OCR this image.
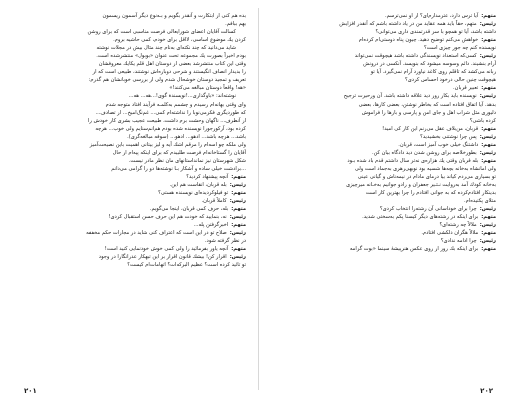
بده هم کنی از ابتکارت و آنقدر بگویم و بـه‌نوع دیگر آسمون ریسمون
بهم ببافم.
کسالت آقایان اعضای شورایعالی فرصت مناسبی است که برای روشن
کردن یك موضوع اساسی، لااقل برای خودم، کمی حاشیه بروم.
شاید می‌دانید که چند نکته‌ای به‌نام چند مثال بیش در مجلات نوشته
بودم اخیراً بصورت یك مجموعه تحت عنوان «بوبول» منتشرشده است.
وقتی این کتاب منتشرشد بعضی از دوستان اهل قلم یکایك معروفشان
را بدیدار انصاف انگیستند و شرحی دوباره‌اش نوشتند، طبیعی است که از
تعریف و تمجید دوستان خوشحال شدم ولی از بررسی خوبانشان هم گذرم:
«هه! واقعاً دوستان مبالغه می‌کنند!»
نوشته‌اند: «باوگذاری...!نویسندة گوی!...هه... هه...
وای وقتی بهانه‌ام رسیدم و چشمم به‌کلمـه فرآیند افتاد متوجه شدم
که طوردیگری فکرمی‌نوبا را نداشته‌ام کمی... غم‌نگ‌امیخ... از تصادف...
از آنطرف... ناگهان وحشت برم داشت، طبیعت عجیب بشری کار خودش را
کرده بود، آرکوزجورا نویسنده شده بودم هم‌انم‌سنایم ولی خوب... هرچه
باشد... هرچه باشد... ادهو... ادهو... (سوفه مبالغه‌گری).
ولی ملکه چو اسه‌ام را مرقم اشك آیه و لیز بیتانی اهمیت باین نصیحت‌آمیز
آقایان را گستاخانه‌ام فرصت طلبیدم که برای اینکه پیه‌ام از حال
شکل شهرستان نیز نمانداستانهای مان نظر مادر نیست.
...برادشت خیلی ساده و آشکار بـا نوشته‌ها دو را گرامی می‌دانم
متهم:آنچه پیشنهاد کردید؟
رئیس:بله قربان، انقاست هم این.
متهم:تو فیلوکردیده‌ای نویسنده هستی؟
رئیس:کاملاً قربان.
متهم:بله، حرف کمی قربان، اینجا می‌گویم.
رئیس:نه، بنمایید که خودت هم این حرف حسن استقبال کردی!
متهم:اخبرگرفتن پله...
رئیس:صلاح تو در این است که اعتراف کنی شاید در مجازات حکم مخففه
در نظر گرفته شود.
متهم:آنچه یاور بفرمائید را ولی کمی خوش خودنمایی کنید است!
رئیس:اقرار کن! بیشك قانون اقرار بر این تبهکار عذرانگارا در وجود
تو تائید کرده است؟ عظیم البرکه‌ات؟ اتهامات‌ام کیست؟
۲۰۱
متهم:آیا ترس دارد، عترمدارم‌ای؟ از او نمی‌ترسم.
رئیس:متهم، حقاً باید همه عقاید من در یاد داشته باشم که آنقدر افزایش
داشته باشد، آیا تو همچو با سر قدرتمندی داری می‌توانی؟
متهم:خواهش می‌کنم توضیح دهید. چیون پناه دوستی‌ام کرده‌ام
نویسنده کنم چه جور چیزی است؟
رئیس:کسی‌که استعداد نویسندگی داشته باشد هیچوقت نمی‌تواند
آرام بنشیند. دائم وسوسه میشود که بنویسد. آنکسی در درونش
زبانه می‌کشد که تاقلم روی کاغذ نیاورد آرام نمی‌گیرد. آیا تو
هیچوقت چنین حالی درخود احساس کردی؟
متهم:تعبیر قربان.
رئیس:نویسنده باید بکار روز دید علاقه داشته باشد. آن ورحیرت ترجیح
بدهد. آیا اتفاق افتاده است که بخاطر نوشتن، بعضی کارها، بعضی
دلیوری مثل شراب اهل و جای امن و پارسی و بارها را فراموش
کرده باشی؟
متهم:قربان، من‌بلاف عقل می‌زنم این کار کی امید!
رئیس:پس چرا نوشتنی بخشیدید؟
متهم:داشتنگ خیلی خوب آمیز است، قربان.
رئیس:بطورخلاصه برای روشن شدن دید دادگاه بیان کن.
متهم:بله قربان وقتی یك هزاره‌ی نه‌تر سال داشتم قدم باد شده بـود
ولی امانشاه به‌خانه بچه‌ها شسیه بود نوبهی‌زهری به‌جماد است ولی
تو بسیاری می‌زدم کیاند بیا درمای مادام در نیمه‌ناش و گیانی عینی
به‌خانه کودك آمد به‌روایت نـثـیر جعفران و رادو جوانیم به‌خـانه میرچیزی
بدینکار افتادم‌کرده که به جوانی افتادم را چرا بهترین کار است
متلای پکتیده‌ام.
رئیس:چرا برای خوداسانی آن رشته‌را انتخاب کردی؟
متهم:برای اینکه در رشته‌های دیگر کیسنا پکم به‌سختی شدید.
رئیس:ملالاً چه رشته‌ای؟
متهم:ملالاً هگران ذلکشی افتادم.
رئیس:چرا ادامه ندادی؟
متهم:برای اینکه بك روز از روی عکس هنرپیشهٔ سینما «بوت گرامه
۲۰۲
